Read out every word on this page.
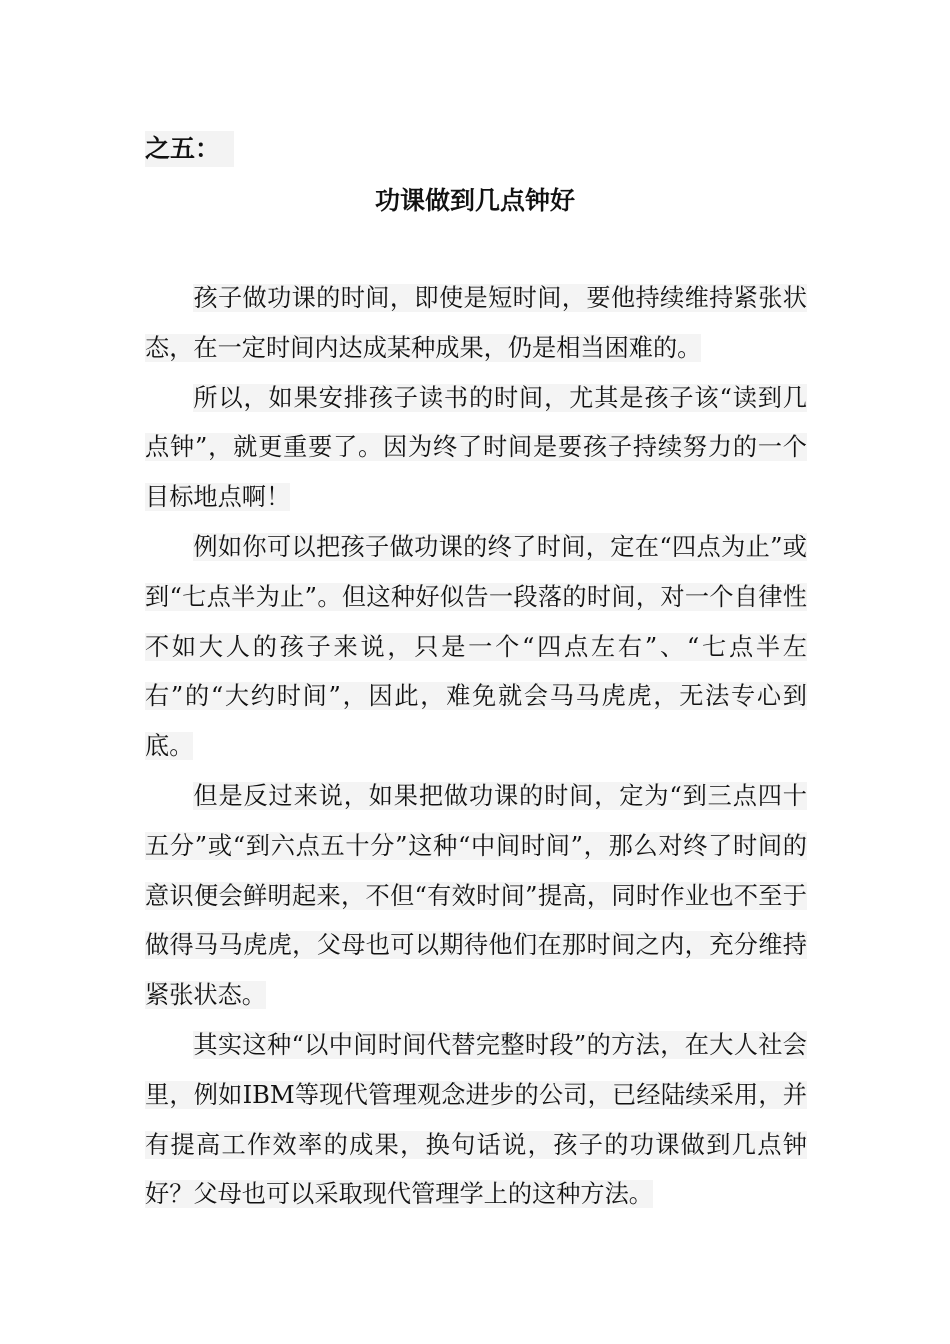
之五：
功课做到几点钟好

孩子做功课的时间，即使是短时间，要他持续维持紧张状态，在一定时间内达成某种成果，仍是相当困难的。

所以，如果安排孩子读书的时间，尤其是孩子该“读到几点钟”，就更重要了。因为终了时间是要孩子持续努力的一个目标地点啊！

例如你可以把孩子做功课的终了时间，定在“四点为止”或到“七点半为止”。但这种好似告一段落的时间，对一个自律性不如大人的孩子来说，只是一个“四点左右”、“七点半左右”的“大约时间”，因此，难免就会马马虎虎，无法专心到底。

但是反过来说，如果把做功课的时间，定为“到三点四十五分”或“到六点五十分”这种“中间时间”，那么对终了时间的意识便会鲜明起来，不但“有效时间”提高，同时作业也不至于做得马马虎虎，父母也可以期待他们在那时间之内，充分维持紧张状态。

其实这种“以中间时间代替完整时段”的方法，在大人社会里，例如IBM等现代管理观念进步的公司，已经陆续采用，并有提高工作效率的成果，换句话说，孩子的功课做到几点钟好？父母也可以采取现代管理学上的这种方法。
